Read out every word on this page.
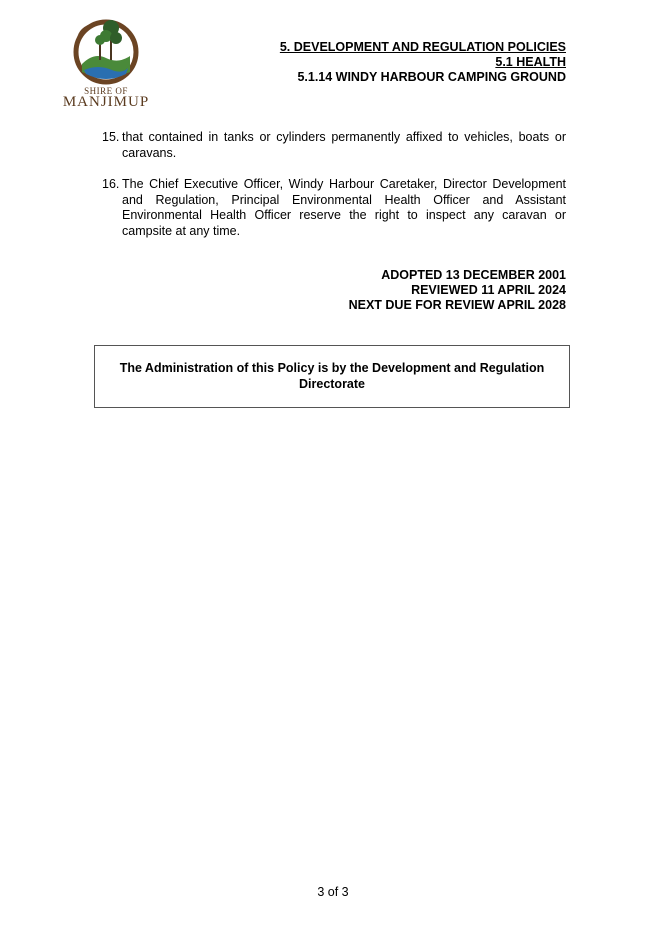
SHIRE OF
MANJIMUP
5. DEVELOPMENT AND REGULATION POLICIES
5.1 HEALTH
5.1.14 WINDY HARBOUR CAMPING GROUND
15. that contained in tanks or cylinders permanently affixed to vehicles, boats or caravans.
16. The Chief Executive Officer, Windy Harbour Caretaker, Director Development and Regulation, Principal Environmental Health Officer and Assistant Environmental Health Officer reserve the right to inspect any caravan or campsite at any time.
ADOPTED 13 DECEMBER 2001
REVIEWED 11 APRIL 2024
NEXT DUE FOR REVIEW APRIL 2028
The Administration of this Policy is by the Development and Regulation Directorate
3 of 3
